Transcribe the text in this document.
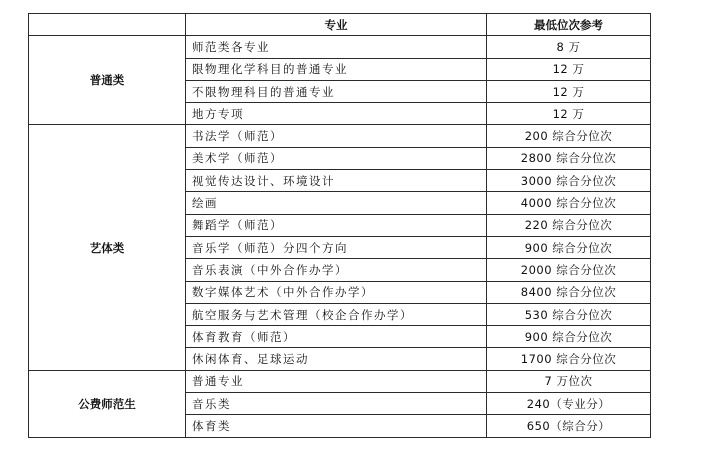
	专业	最低位次参考
普通类	师范类各专业	8 万
	限物理化学科目的普通专业	12 万
	不限物理科目的普通专业	12 万
	地方专项	12 万
艺体类	书法学（师范）	200 综合分位次
	美术学（师范）	2800 综合分位次
	视觉传达设计、环境设计	3000 综合分位次
	绘画	4000 综合分位次
	舞蹈学（师范）	220 综合分位次
	音乐学（师范）分四个方向	900 综合分位次
	音乐表演（中外合作办学）	2000 综合分位次
	数字媒体艺术（中外合作办学）	8400 综合分位次
	航空服务与艺术管理（校企合作办学）	530 综合分位次
	体育教育（师范）	900 综合分位次
	休闲体育、足球运动	1700 综合分位次
公费师范生	普通专业	7 万位次
	音乐类	240（专业分）
	体育类	650（综合分）
